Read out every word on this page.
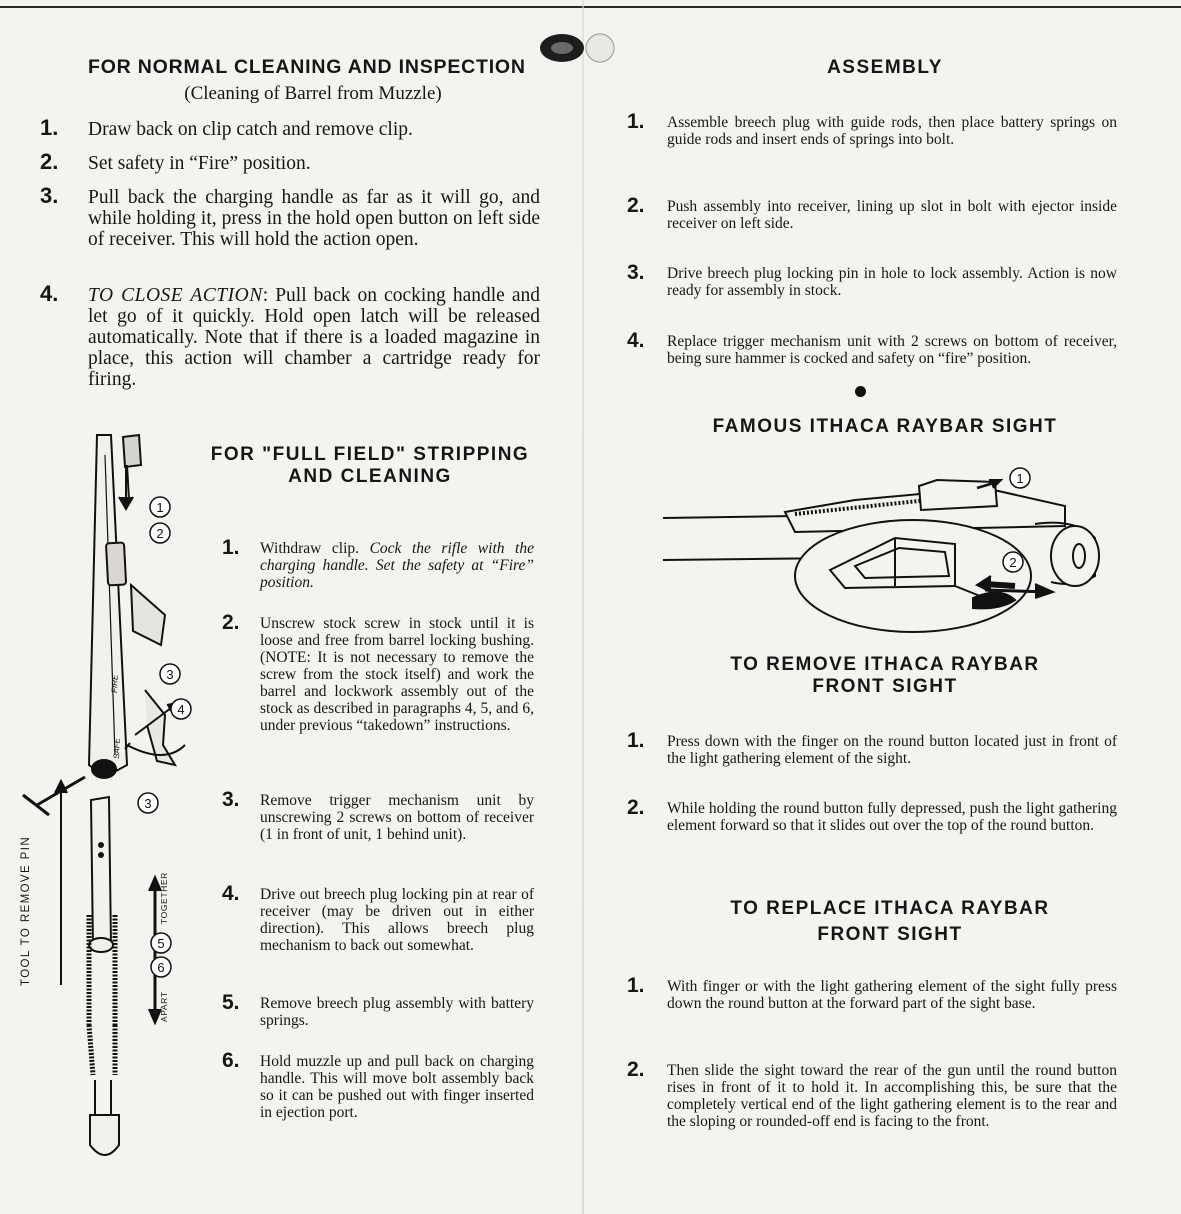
FOR NORMAL CLEANING AND INSPECTION
(Cleaning of Barrel from Muzzle)
1. Draw back on clip catch and remove clip.
2. Set safety in “Fire” position.
3. Pull back the charging handle as far as it will go, and while holding it, press in the hold open button on left side of receiver. This will hold the action open.
4. TO CLOSE ACTION: Pull back on cocking handle and let go of it quickly. Hold open latch will be released automatically. Note that if there is a loaded magazine in place, this action will chamber a cartridge ready for firing.
1
2
3
4
3
5
6
SAFE
FIRE
TOOL TO REMOVE PIN	TOGETHER
APART
FOR "FULL FIELD" STRIPPING
AND CLEANING
1. Withdraw clip. Cock the rifle with the charging handle. Set the safety at “Fire” position.
2. Unscrew stock screw in stock until it is loose and free from barrel locking bushing. (NOTE: It is not necessary to remove the screw from the stock itself) and work the barrel and lockwork assembly out of the stock as described in paragraphs 4, 5, and 6, under previous “takedown” instructions.
3. Remove trigger mechanism unit by unscrewing 2 screws on bottom of receiver (1 in front of unit, 1 behind unit).
4. Drive out breech plug locking pin at rear of receiver (may be driven out in either direction). This allows breech plug mechanism to back out somewhat.
5. Remove breech plug assembly with battery springs.
6. Hold muzzle up and pull back on charging handle. This will move bolt assembly back so it can be pushed out with finger inserted in ejection port.
ASSEMBLY
1. Assemble breech plug with guide rods, then place battery springs on guide rods and insert ends of springs into bolt.
2. Push assembly into receiver, lining up slot in bolt with ejector inside receiver on left side.
3. Drive breech plug locking pin in hole to lock assembly. Action is now ready for assembly in stock.
4. Replace trigger mechanism unit with 2 screws on bottom of receiver, being sure hammer is cocked and safety on “fire” position.
FAMOUS ITHACA RAYBAR SIGHT
1
2
TO REMOVE ITHACA RAYBAR
FRONT SIGHT
1. Press down with the finger on the round button located just in front of the light gathering element of the sight.
2. While holding the round button fully depressed, push the light gathering element forward so that it slides out over the top of the round button.
TO REPLACE ITHACA RAYBAR
FRONT SIGHT
1. With finger or with the light gathering element of the sight fully press down the round button at the forward part of the sight base.
2. Then slide the sight toward the rear of the gun until the round button rises in front of it to hold it. In accomplishing this, be sure that the completely vertical end of the light gathering element is to the rear and the sloping or rounded-off end is facing to the front.
